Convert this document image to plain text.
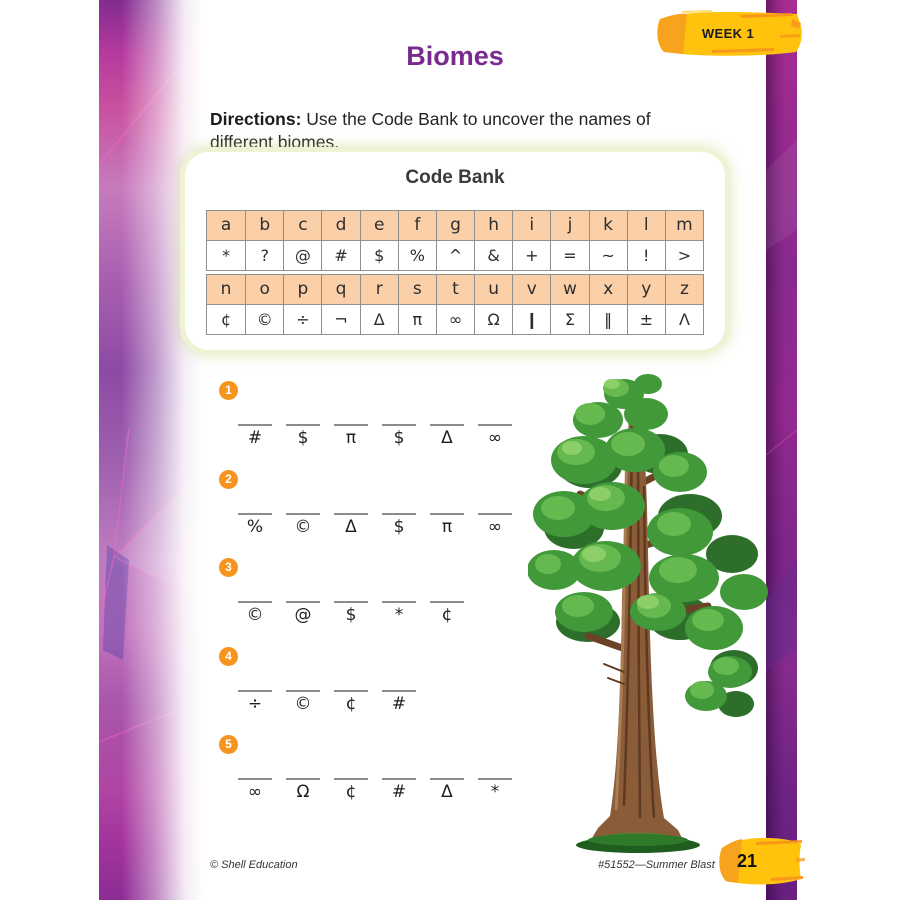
WEEK 1
Biomes

Directions: Use the Code Bank to uncover the names of different biomes.

Code Bank
a	b	c	d	e	f	g	h	i	j	k	l	m
*	?	@	#	$	%	^	&	+	=	~	!	>
n	o	p	q	r	s	t	u	v	w	x	y	z
¢	©	÷	¬	Δ	π	∞	Ω	❙	Σ	‖	±	Λ
1
#	$	π	$	Δ	∞
2
%	©	Δ	$	π	∞
3
©	@	$	*	¢
4
÷	©	¢	#
5
∞	Ω	¢	#	Δ	*
© Shell Education	#51552—Summer Blast 21
